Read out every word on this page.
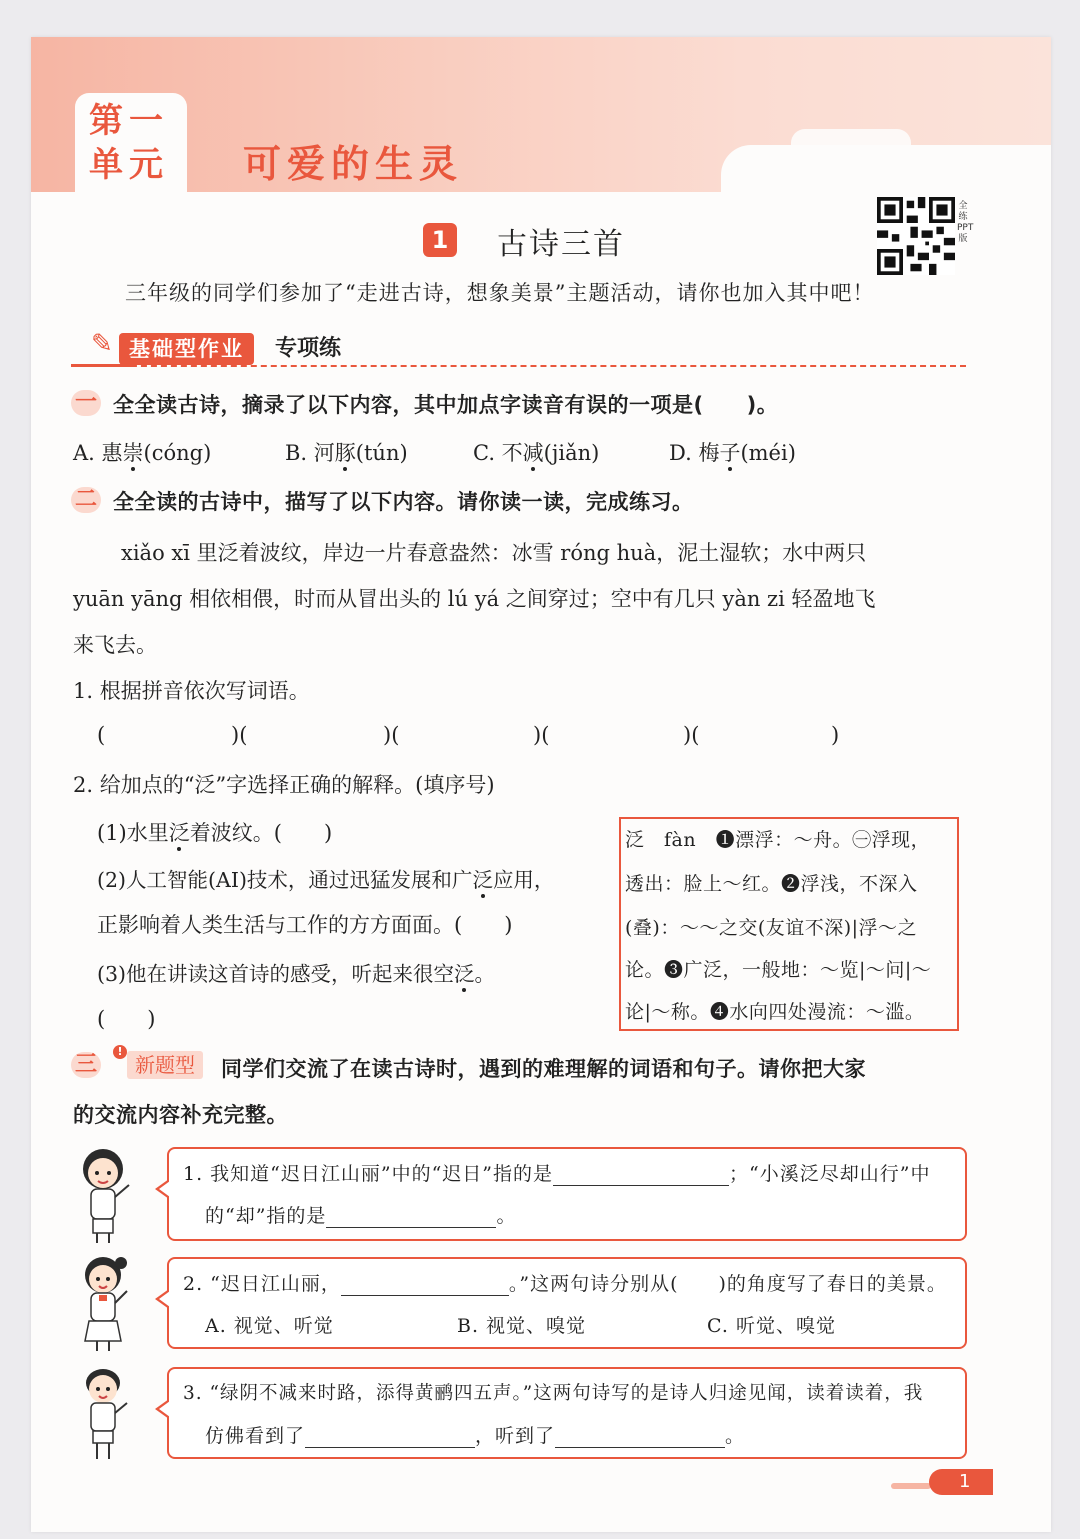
第一
单元 可爱的生灵
1 古诗三首
全练PPT版
三年级的同学们参加了“走进古诗，想象美景”主题活动，请你也加入其中吧！
✎ 基础型作业	专项练
一 全全读古诗，摘录了以下内容，其中加点字读音有误的一项是(　　)。
A. 惠崇(cóng)	B. 河豚(tún)	C. 不减(jiǎn)	D. 梅子(méi)
二 全全读的古诗中，描写了以下内容。请你读一读，完成练习。
xiǎo xī 里泛着波纹，岸边一片春意盎然：冰雪 róng huà，泥土湿软；水中两只
yuān yāng 相依相偎，时而从冒出头的 lú yá 之间穿过；空中有几只 yàn zi 轻盈地飞
来飞去。
1. 根据拼音依次写词语。
(	)(	)(	)(	)(	)
2. 给加点的“泛”字选择正确的解释。(填序号)
(1)水里泛着波纹。(　　)
(2)人工智能(AI)技术，通过迅猛发展和广泛应用，
正影响着人类生活与工作的方方面面。(　　)
(3)他在讲读这首诗的感受，听起来很空泛。
(　　)
泛　fàn　❶漂浮：～舟。㊀浮现，
透出：脸上～红。❷浮浅，不深入
(叠)：～～之交(友谊不深)|浮～之
论。❸广泛，一般地：～览|～问|～
论|～称。❹水向四处漫流：～滥。
三
!
新题型	同学们交流了在读古诗时，遇到的难理解的词语和句子。请你把大家
的交流内容补充完整。
1. 我知道“迟日江山丽”中的“迟日”指的是	；“小溪泛尽却山行”中
的“却”指的是	。
2. “迟日江山丽，	。”这两句诗分别从(　　)的角度写了春日的美景。
A. 视觉、听觉	B. 视觉、嗅觉	C. 听觉、嗅觉
3. “绿阴不减来时路，添得黄鹂四五声。”这两句诗写的是诗人归途见闻，读着读着，我
仿佛看到了	，听到了	。
1
